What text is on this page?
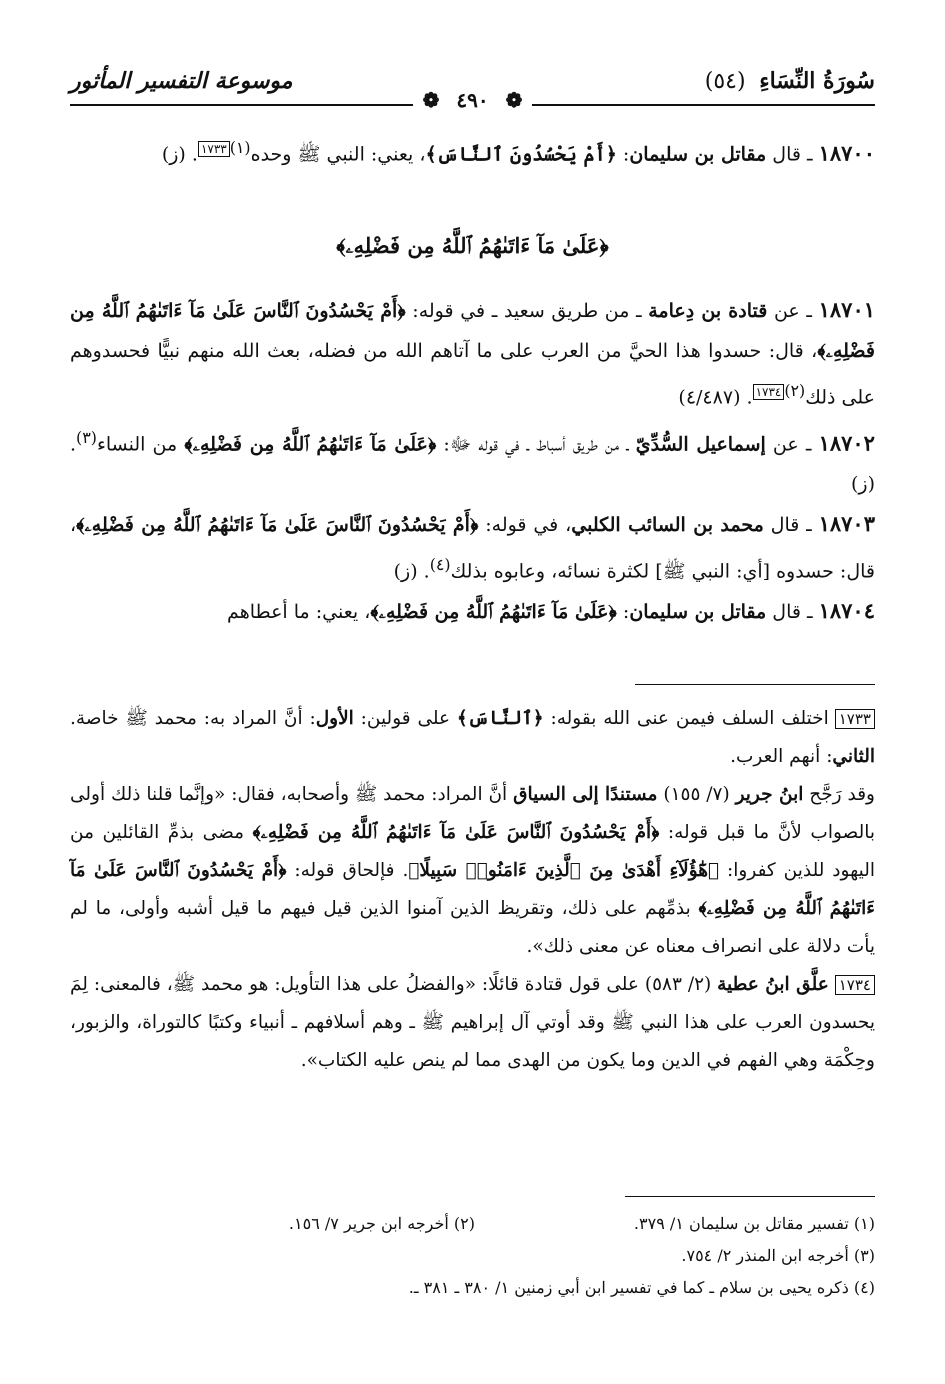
سُورَةُ النِّسَاءِ (٥٤)
موسوعة التفسير المأثور
❁ ٤٩٠ ❁

١٨٧٠٠ ـ قال مقاتل بن سليمان: ﴿أَمْ يَحْسُدُونَ ٱلنَّاسَ﴾، يعني: النبي ﷺ وحده$^{(١)١٧٣٣}$. (ز)

﴿عَلَىٰ مَآ ءَاتَىٰهُمُ ٱللَّهُ مِن فَضْلِهِۦ﴾

١٨٧٠١ ـ عن قتادة بن دِعامة ـ من طريق سعيد ـ في قوله: ﴿أَمْ يَحْسُدُونَ ٱلنَّاسَ عَلَىٰ مَآ ءَاتَىٰهُمُ ٱللَّهُ مِن فَضْلِهِۦ﴾، قال: حسدوا هذا الحيَّ من العرب على ما آتاهم الله من فضله، بعث الله منهم نبيًّا فحسدوهم على ذلك$^{(٢)١٧٣٤}$. (٤/٤٨٧)

١٨٧٠٢ ـ عن إسماعيل السُّدِّيّ ـ من طريق أسباط ـ في قوله ﷻ: ﴿عَلَىٰ مَآ ءَاتَىٰهُمُ ٱللَّهُ مِن فَضْلِهِۦ﴾ من النساء$^{(٣)}$. (ز)

١٨٧٠٣ ـ قال محمد بن السائب الكلبي، في قوله: ﴿أَمْ يَحْسُدُونَ ٱلنَّاسَ عَلَىٰ مَآ ءَاتَىٰهُمُ ٱللَّهُ مِن فَضْلِهِۦ﴾، قال: حسدوه [أي: النبي ﷺ] لكثرة نسائه، وعابوه بذلك$^{(٤)}$. (ز)

١٨٧٠٤ ـ قال مقاتل بن سليمان: ﴿عَلَىٰ مَآ ءَاتَىٰهُمُ ٱللَّهُ مِن فَضْلِهِۦ﴾، يعني: ما أعطاهم

١٧٣٣اختلف السلف فيمن عنى الله بقوله: ﴿ٱلنَّاسَ﴾ على قولين: الأول: أنَّ المراد به: محمد ﷺ خاصة. الثاني: أنهم العرب.

وقد رَجَّح ابنُ جرير (٧/ ١٥٥) مستندًا إلى السياق أنَّ المراد: محمد ﷺ وأصحابه، فقال: «وإنَّما قلنا ذلك أولى بالصواب لأنَّ ما قبل قوله: ﴿أَمْ يَحْسُدُونَ ٱلنَّاسَ عَلَىٰ مَآ ءَاتَىٰهُمُ ٱللَّهُ مِن فَضْلِهِۦ﴾ مضى بذمِّ القائلين من اليهود للذين كفروا: ﴿هَٰٓؤُلَآءِ أَهْدَىٰ مِنَ ٱلَّذِينَ ءَامَنُوا۟ سَبِيلًا﴾. فإلحاق قوله: ﴿أَمْ يَحْسُدُونَ ٱلنَّاسَ عَلَىٰ مَآ ءَاتَىٰهُمُ ٱللَّهُ مِن فَضْلِهِۦ﴾ بذمِّهم على ذلك، وتقريظ الذين آمنوا الذين قيل فيهم ما قيل أشبه وأولى، ما لم يأت دلالة على انصراف معناه عن معنى ذلك».

١٧٣٤علَّق ابنُ عطية (٢/ ٥٨٣) على قول قتادة قائلًا: «والفضلُ على هذا التأويل: هو محمد ﷺ، فالمعنى: لِمَ يحسدون العرب على هذا النبي ﷺ وقد أوتي آل إبراهيم ﷺ ـ وهم أسلافهم ـ أنبياء وكتبًا كالتوراة، والزبور، وحِكْمَة وهي الفهم في الدين وما يكون من الهدى مما لم ينص عليه الكتاب».

(١) تفسير مقاتل بن سليمان ١/ ٣٧٩.
(٢) أخرجه ابن جرير ٧/ ١٥٦.
(٣) أخرجه ابن المنذر ٢/ ٧٥٤.
(٤) ذكره يحيى بن سلام ـ كما في تفسير ابن أبي زمنين ١/ ٣٨٠ ـ ٣٨١ ـ.
